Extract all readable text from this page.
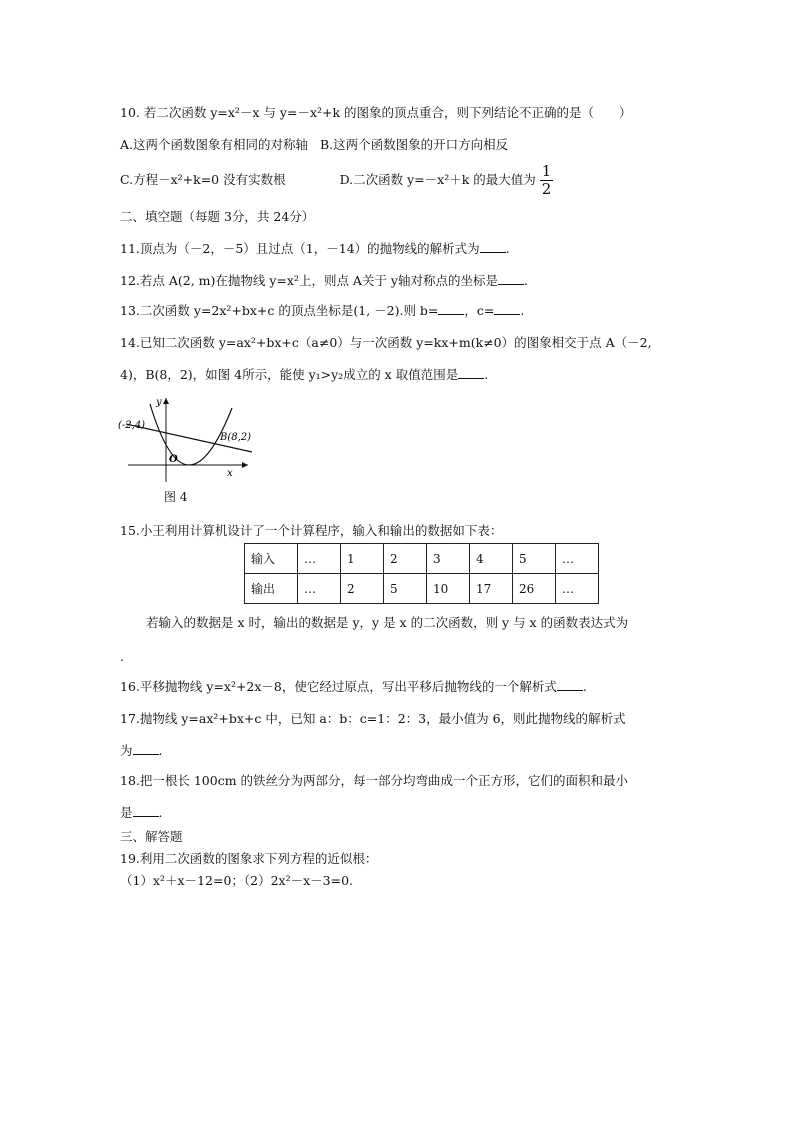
10. 若二次函数 y=x²－x 与 y=－x²+k 的图象的顶点重合，则下列结论不正确的是（　　）
A.这两个函数图象有相同的对称轴 B.这两个函数图象的开口方向相反
C.方程－x²+k=0 没有实数根	D.二次函数 y=－x²＋k 的最大值为 $\frac{1}{2}$
二、填空题（每题 3分，共 24分）
11.顶点为（－2，－5）且过点（1，－14）的抛物线的解析式为 .
12.若点 A(2, m)在抛物线 y=x²上，则点 A关于 y轴对称点的坐标是 .
13.二次函数 y=2x²+bx+c 的顶点坐标是(1, －2).则 b= ，c= .
14.已知二次函数 y=ax²+bx+c（a≠0）与一次函数 y=kx+m(k≠0）的图象相交于点 A（－2,
4)，B(8，2)，如图 4所示，能使 y₁>y₂成立的 x 取值范围是 .
(-2,4)
B(8,2)
O
x
y
图 4
15.小王利用计算机设计了一个计算程序，输入和输出的数据如下表：
输入	…	1	2	3	4	5	…
输出	…	2	5	10	17	26	…
若输入的数据是 x 时，输出的数据是 y，y 是 x 的二次函数，则 y 与 x 的函数表达式为
.
16.平移抛物线 y=x²+2x－8，使它经过原点，写出平移后抛物线的一个解析式 .
17.抛物线 y=ax²+bx+c 中，已知 a：b：c=1：2：3，最小值为 6，则此抛物线的解析式
为 .
18.把一根长 100cm 的铁丝分为两部分，每一部分均弯曲成一个正方形，它们的面积和最小
是 .
三、解答题
19.利用二次函数的图象求下列方程的近似根：
（1）x²＋x－12=0；（2）2x²－x－3=0.
